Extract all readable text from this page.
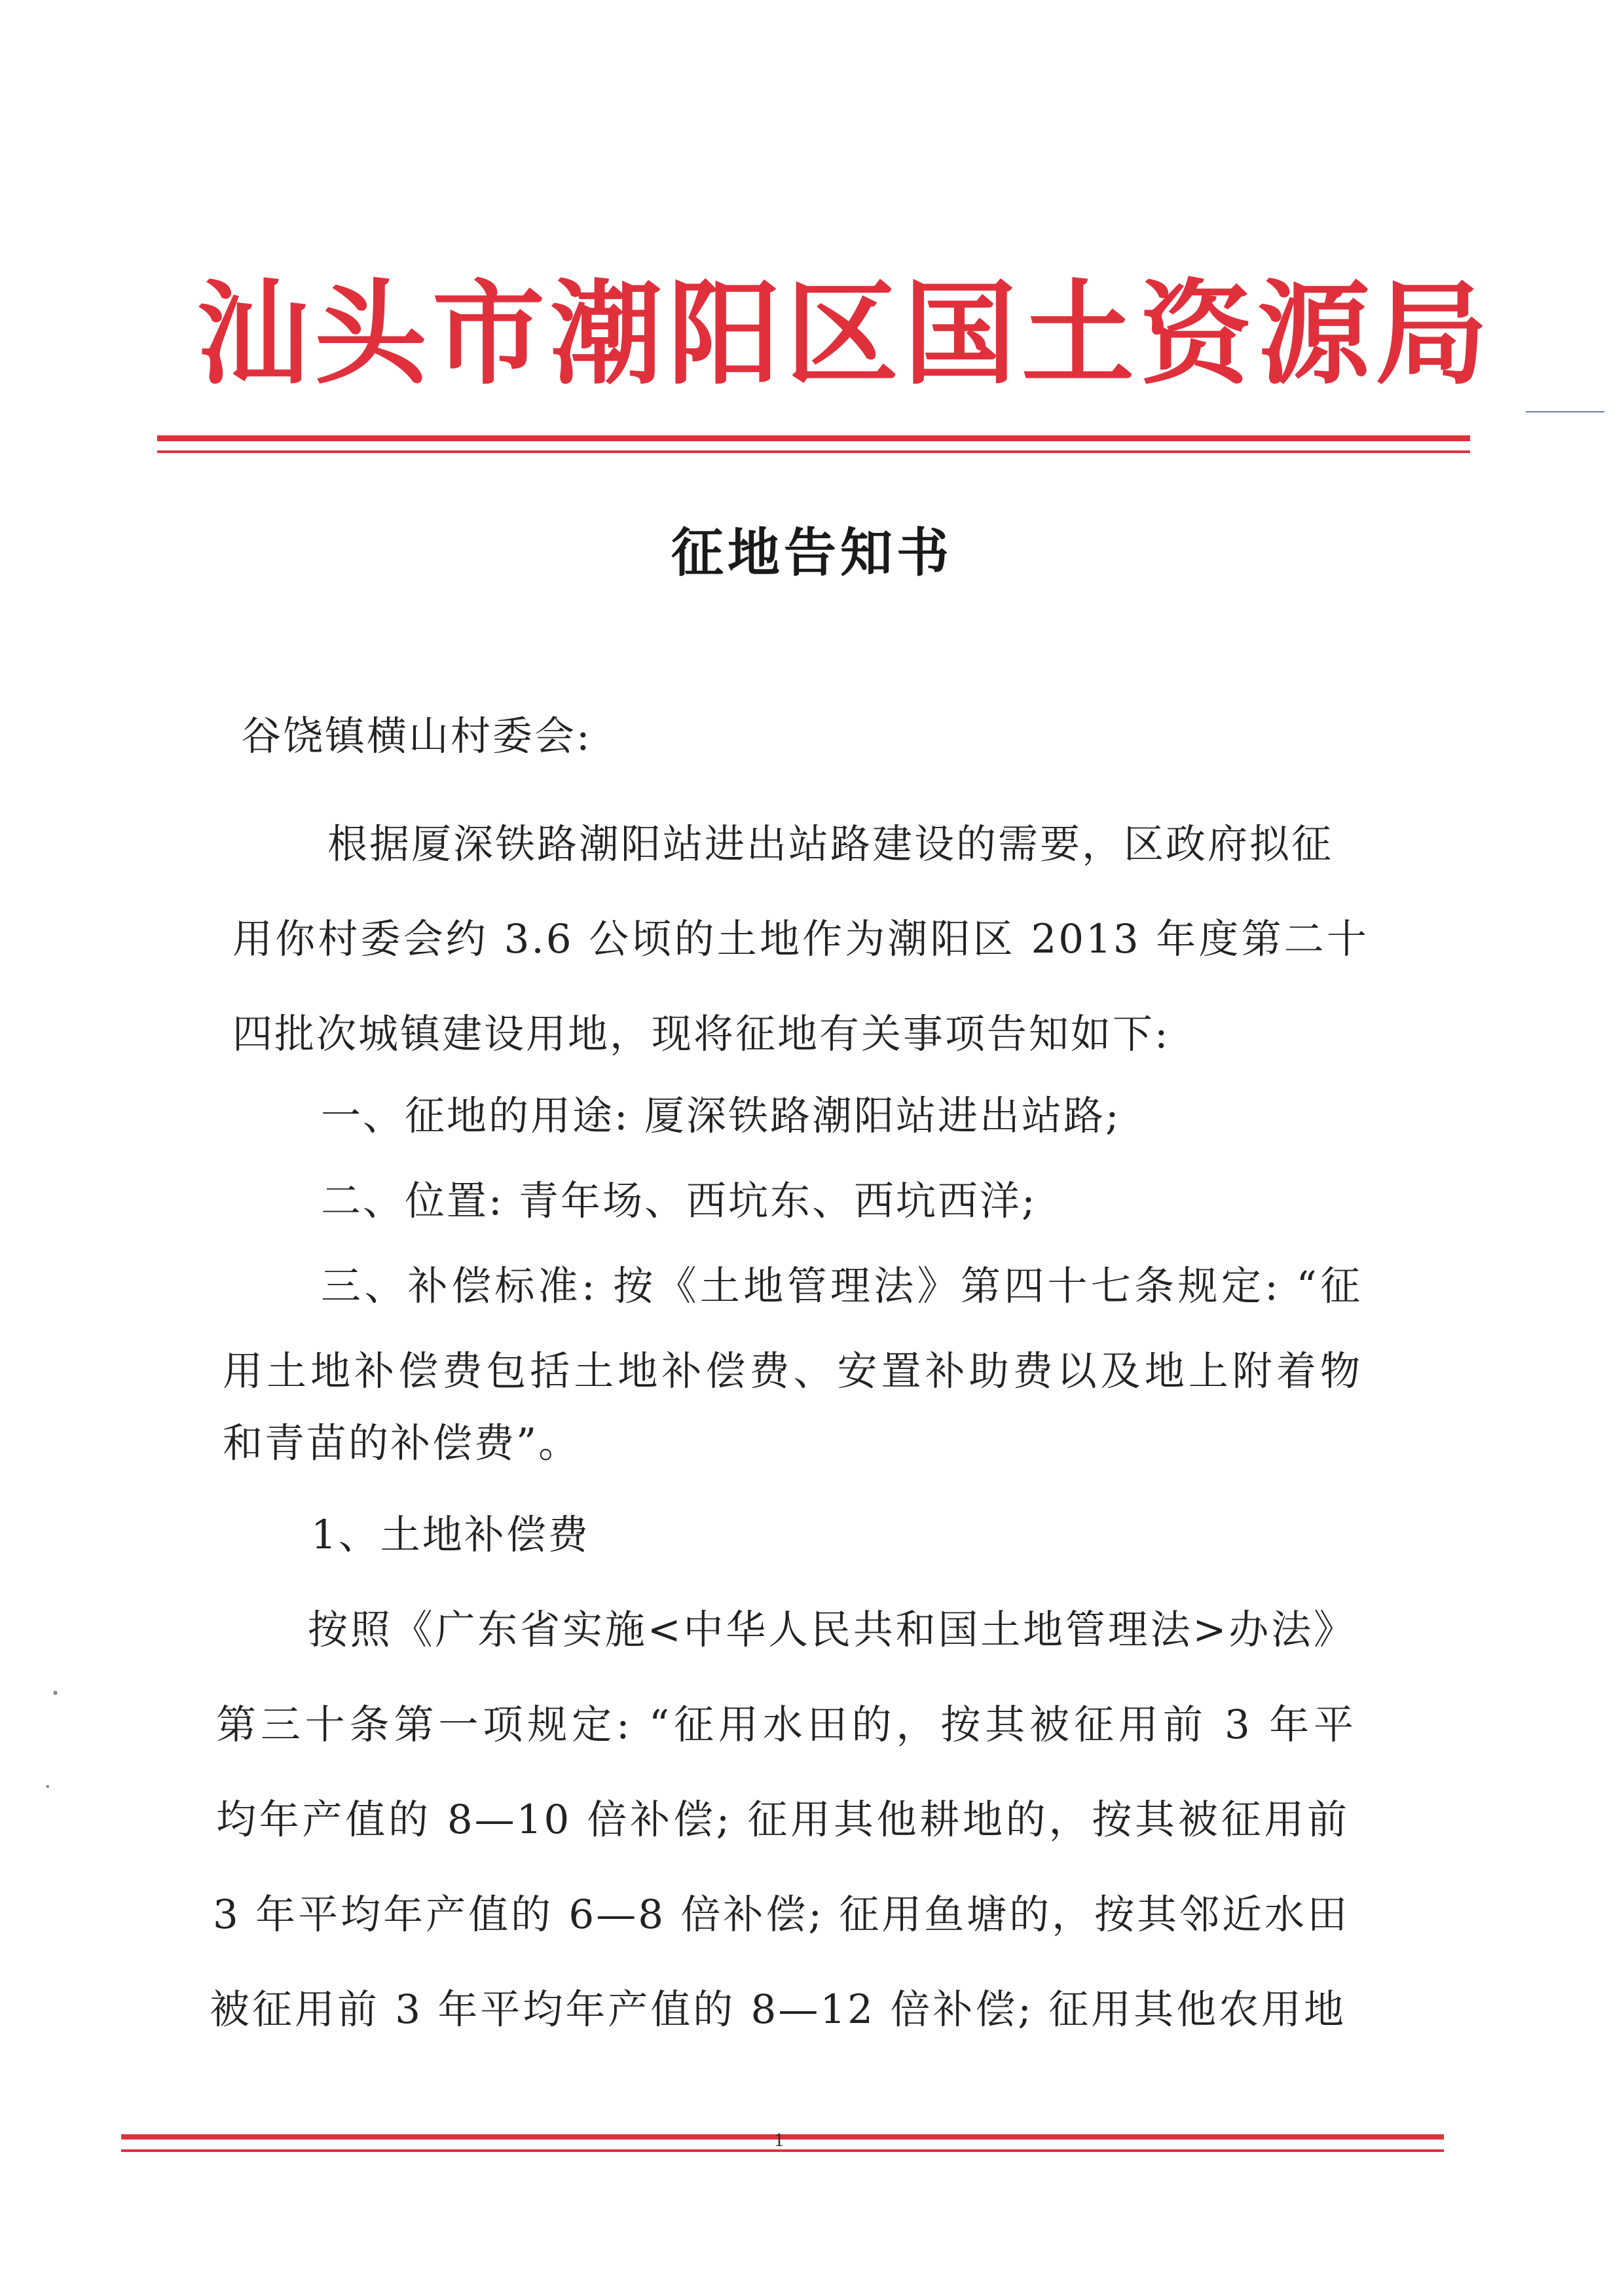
汕头市潮阳区国土资源局
征地告知书
谷饶镇横山村委会:
根据厦深铁路潮阳站进出站路建设的需要，区政府拟征
用你村委会约 3.6 公顷的土地作为潮阳区 2013 年度第二十
四批次城镇建设用地，现将征地有关事项告知如下:
一、征地的用途: 厦深铁路潮阳站进出站路;
二、位置: 青年场、西坑东、西坑西洋;
三、补偿标准: 按《土地管理法》第四十七条规定: “征
用土地补偿费包括土地补偿费、安置补助费以及地上附着物
和青苗的补偿费”。
1、土地补偿费
按照《广东省实施<中华人民共和国土地管理法>办法》
第三十条第一项规定: “征用水田的，按其被征用前 3 年平
均年产值的 8—10 倍补偿; 征用其他耕地的，按其被征用前
3 年平均年产值的 6—8 倍补偿; 征用鱼塘的，按其邻近水田
被征用前 3 年平均年产值的 8—12 倍补偿; 征用其他农用地
1
•
•
